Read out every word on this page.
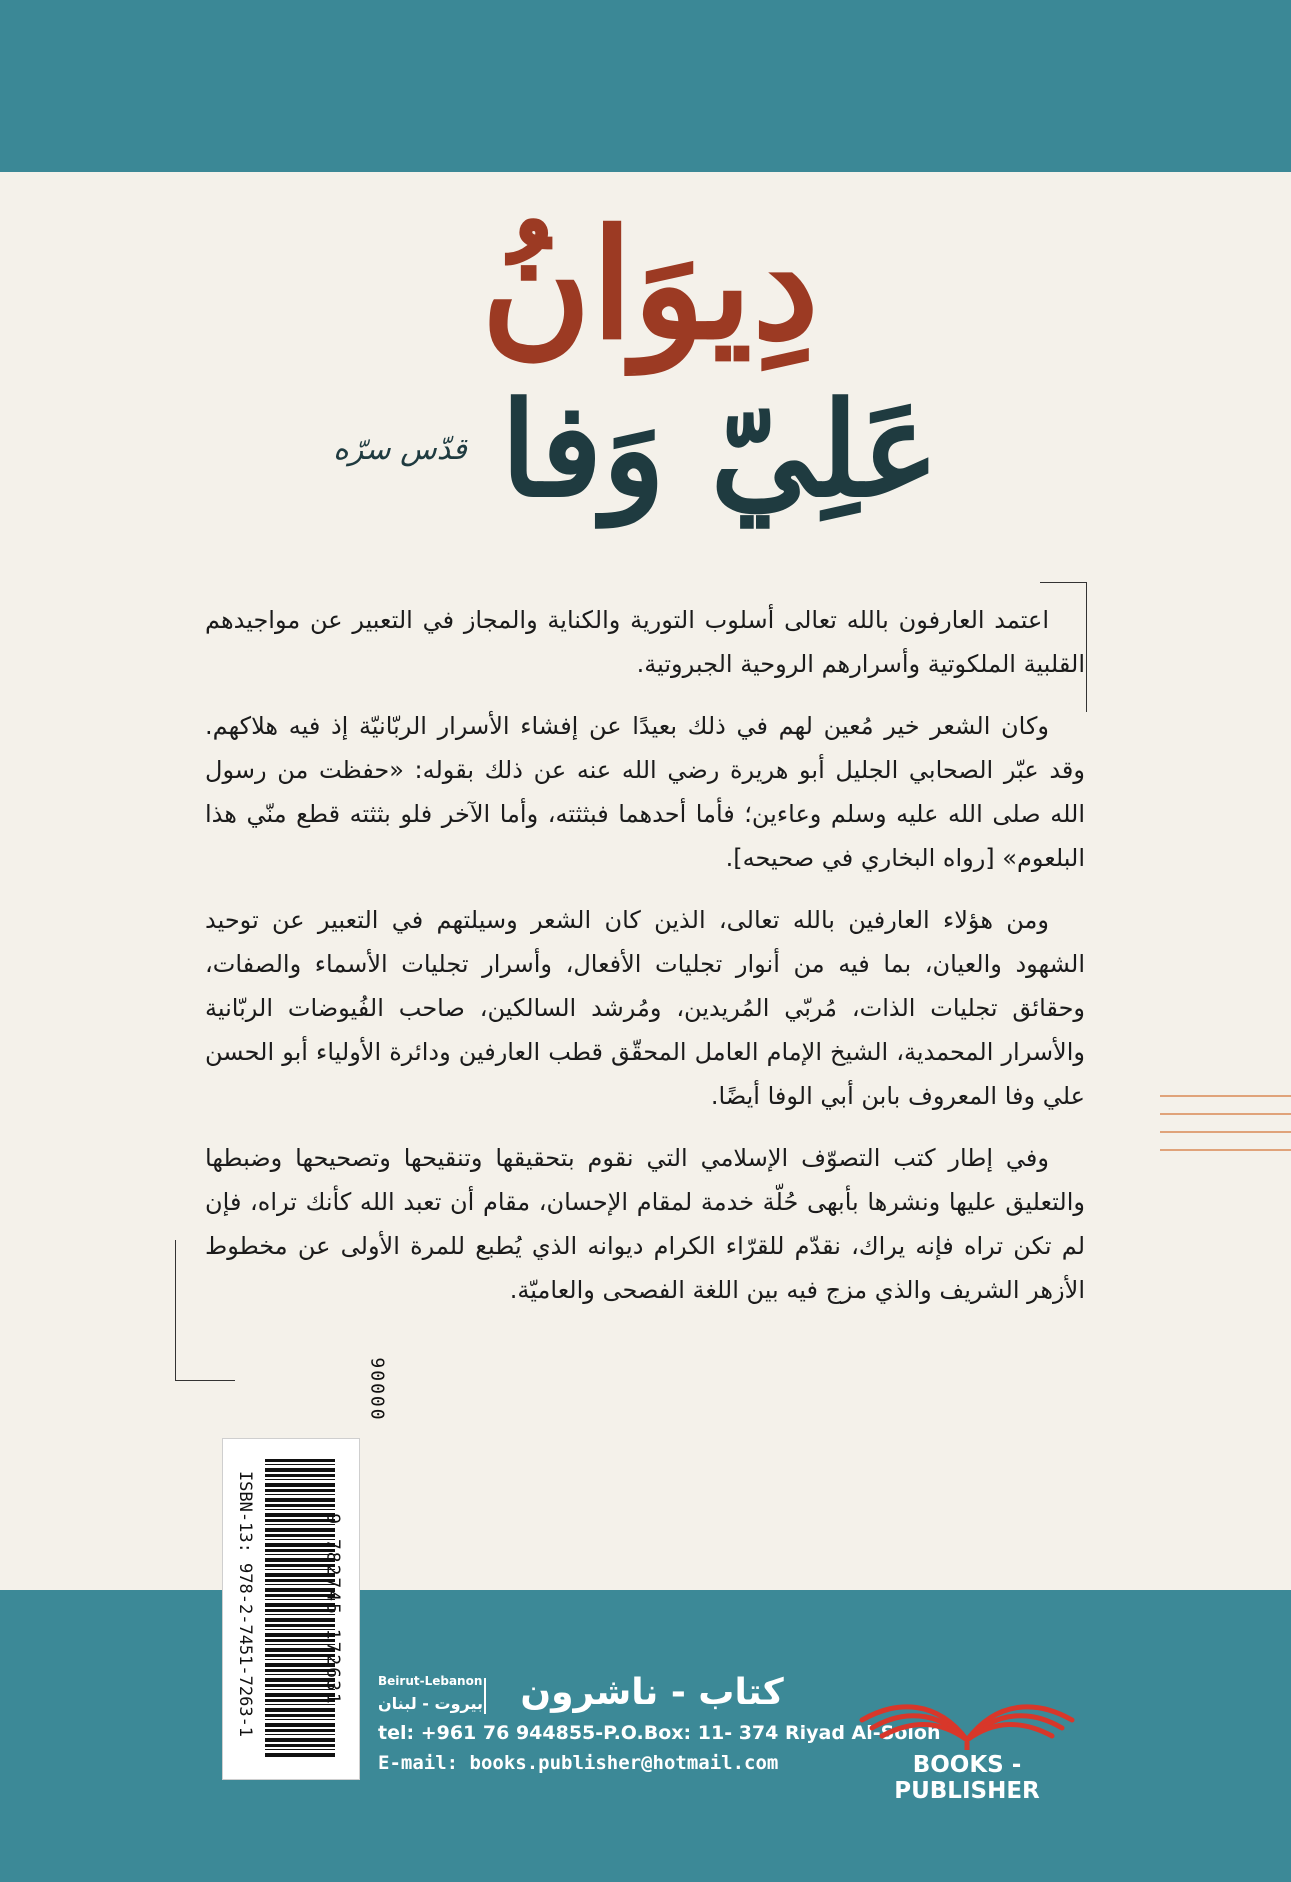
دِيوَانُ
عَلِيّ وَفا
قدّس سرّه

اعتمد العارفون بالله تعالى أسلوب التورية والكناية والمجاز في التعبير عن مواجيدهم القلبية الملكوتية وأسرارهم الروحية الجبروتية.

وكان الشعر خير مُعين لهم في ذلك بعيدًا عن إفشاء الأسرار الربّانيّة إذ فيه هلاكهم. وقد عبّر الصحابي الجليل أبو هريرة رضي الله عنه عن ذلك بقوله: «حفظت من رسول الله صلى الله عليه وسلم وعاءين؛ فأما أحدهما فبثثته، وأما الآخر فلو بثثته قطع منّي هذا البلعوم» [رواه البخاري في صحيحه].

ومن هؤلاء العارفين بالله تعالى، الذين كان الشعر وسيلتهم في التعبير عن توحيد الشهود والعيان، بما فيه من أنوار تجليات الأفعال، وأسرار تجليات الأسماء والصفات، وحقائق تجليات الذات، مُربّي المُريدين، ومُرشد السالكين، صاحب الفُيوضات الربّانية والأسرار المحمدية، الشيخ الإمام العامل المحقّق قطب العارفين ودائرة الأولياء أبو الحسن علي وفا المعروف بابن أبي الوفا أيضًا.

وفي إطار كتب التصوّف الإسلامي التي نقوم بتحقيقها وتنقيحها وتصحيحها وضبطها والتعليق عليها ونشرها بأبهى حُلّة خدمة لمقام الإحسان، مقام أن تعبد الله كأنك تراه، فإن لم تكن تراه فإنه يراك، نقدّم للقرّاء الكرام ديوانه الذي يُطبع للمرة الأولى عن مخطوط الأزهر الشريف والذي مزج فيه بين اللغة الفصحى والعاميّة.

ISBN-13: 978-2-7451-7263-1	9 782745 172631
90000
Beirut-Lebanon
بيروت - لبنان	كتاب - ناشرون
tel: +961 76 944855-P.O.Box: 11- 374 Riyad Al-Soloh
E-mail: books.publisher@hotmail.com	BOOKS - PUBLISHER
